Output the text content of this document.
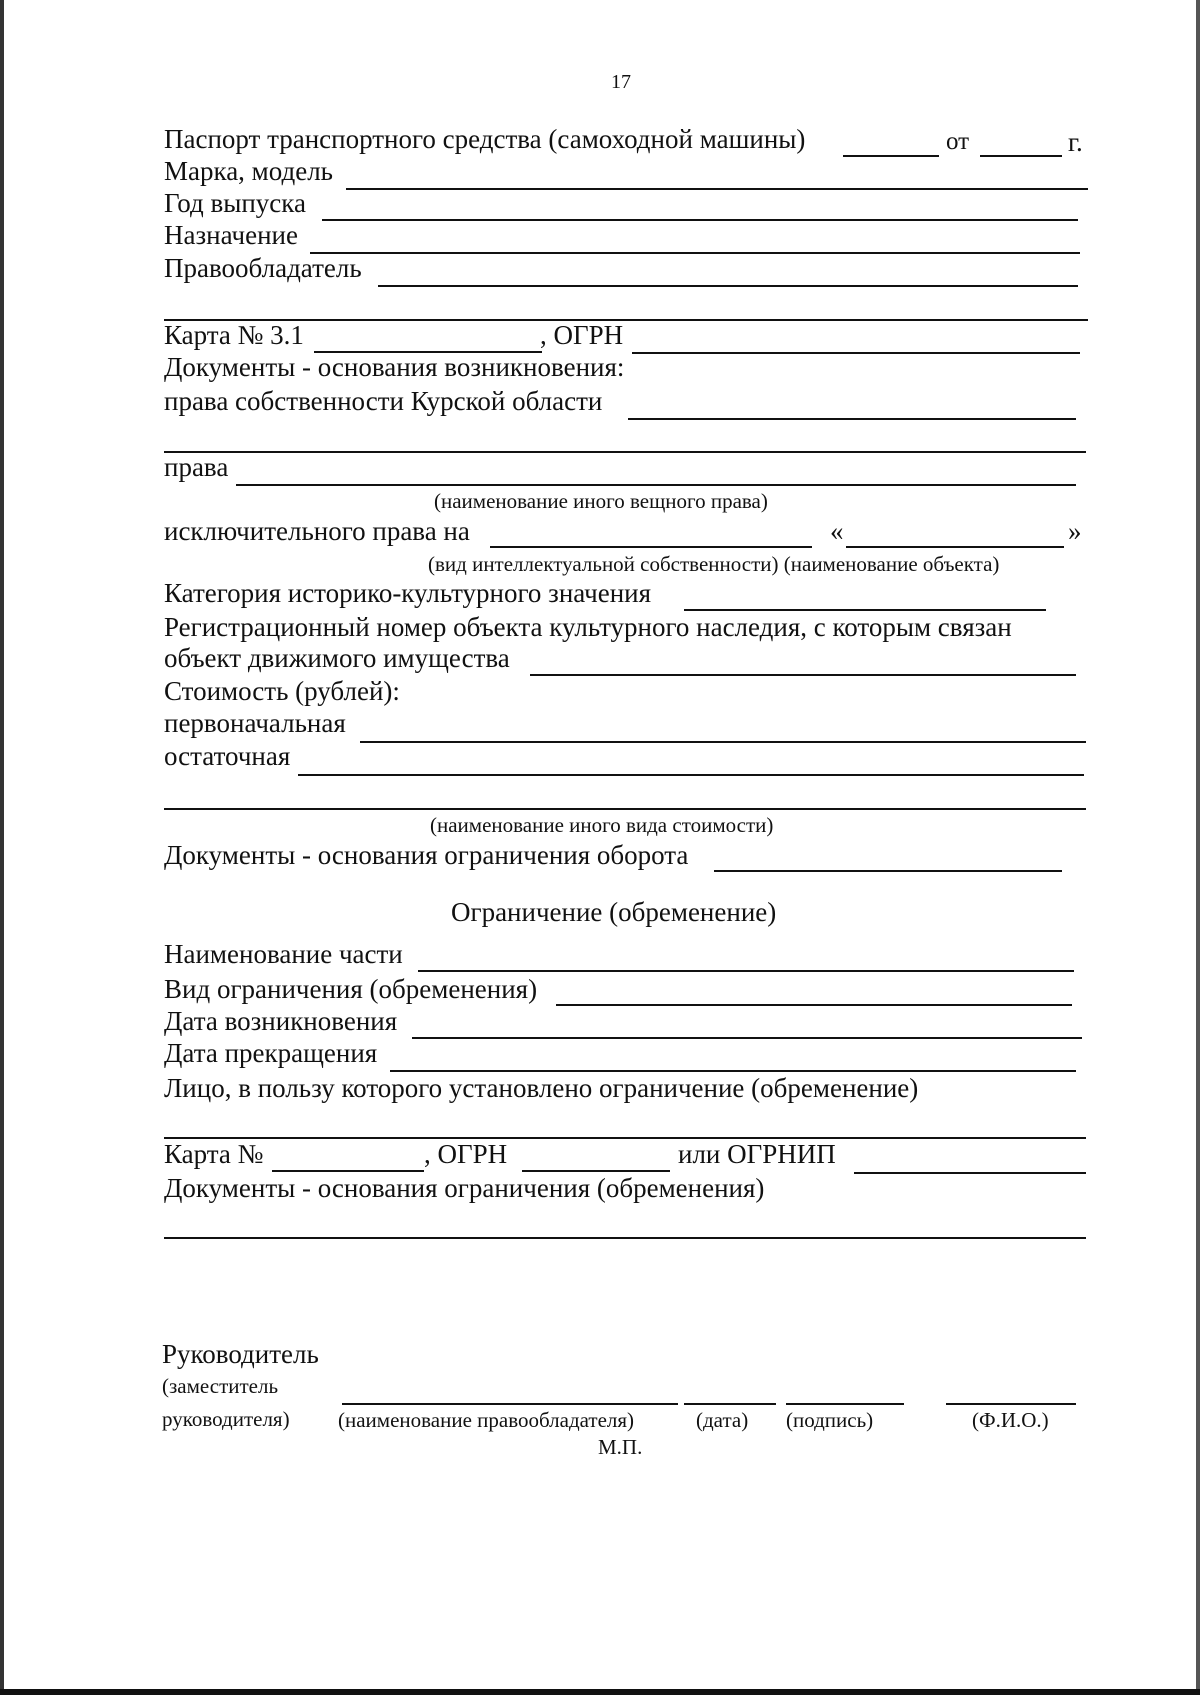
17
Паспорт транспортного средства (самоходной машины)	от	г.
Марка, модель
Год выпуска
Назначение
Правообладатель
Карта № 3.1	, ОГРН
Документы - основания возникновения:
права собственности Курской области
права
(наименование иного вещного права)
исключительного права на	«	»
(вид интеллектуальной собственности) (наименование объекта)
Категория историко-культурного значения
Регистрационный номер объекта культурного наследия, с которым связан
объект движимого имущества
Стоимость (рублей):
первоначальная
остаточная
(наименование иного вида стоимости)
Документы - основания ограничения оборота
Ограничение (обременение)
Наименование части
Вид ограничения (обременения)
Дата возникновения
Дата прекращения
Лицо, в пользу которого установлено ограничение (обременение)
Карта №	, ОГРН	или ОГРНИП
Документы - основания ограничения (обременения)
Руководитель
(заместитель
руководителя) (наименование правообладателя)	(дата) (подпись)	(Ф.И.О.)
М.П.
